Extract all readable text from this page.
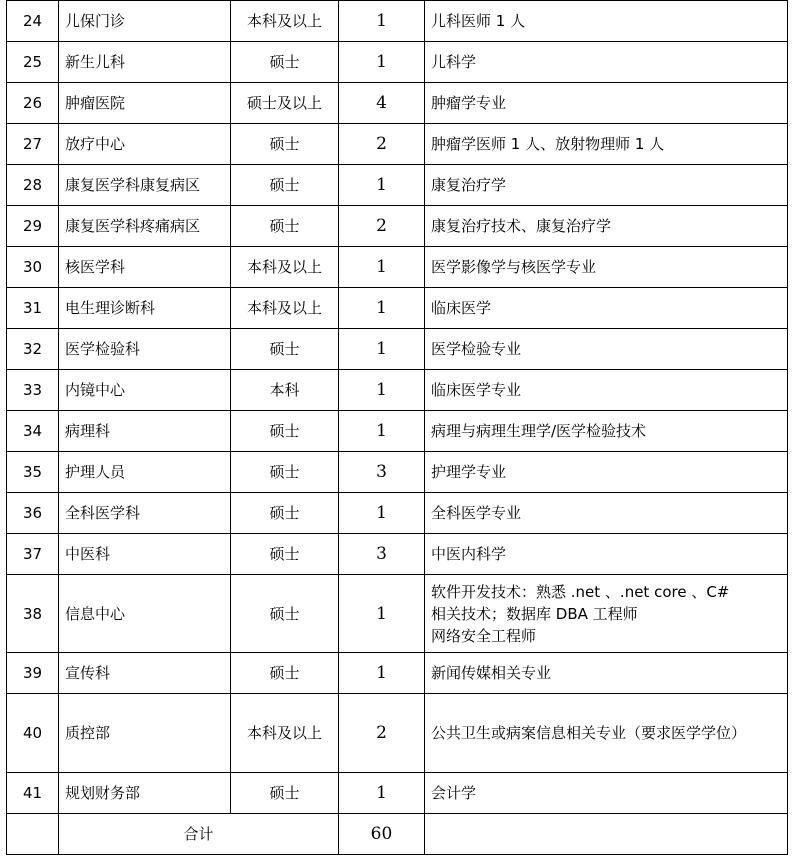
24	儿保门诊	本科及以上	1	儿科医师 1 人

25	新生儿科	硕士	1	儿科学

26	肿瘤医院	硕士及以上	4	肿瘤学专业

27	放疗中心	硕士	2	肿瘤学医师 1 人、放射物理师 1 人

28	康复医学科康复病区	硕士	1	康复治疗学

29	康复医学科疼痛病区	硕士	2	康复治疗技术、康复治疗学

30	核医学科	本科及以上	1	医学影像学与核医学专业

31	电生理诊断科	本科及以上	1	临床医学

32	医学检验科	硕士	1	医学检验专业

33	内镜中心	本科	1	临床医学专业

34	病理科	硕士	1	病理与病理生理学/医学检验技术

35	护理人员	硕士	3	护理学专业

36	全科医学科	硕士	1	全科医学专业

37	中医科	硕士	3	中医内科学

38	信息中心	硕士	1	软件开发技术：熟悉 .net 、.net core 、C#
相关技术；数据库 DBA 工程师
网络安全工程师

39	宣传科	硕士	1	新闻传媒相关专业

40	质控部	本科及以上	2	公共卫生或病案信息相关专业（要求医学学位）

41	规划财务部	硕士	1	会计学

	合计		60	
